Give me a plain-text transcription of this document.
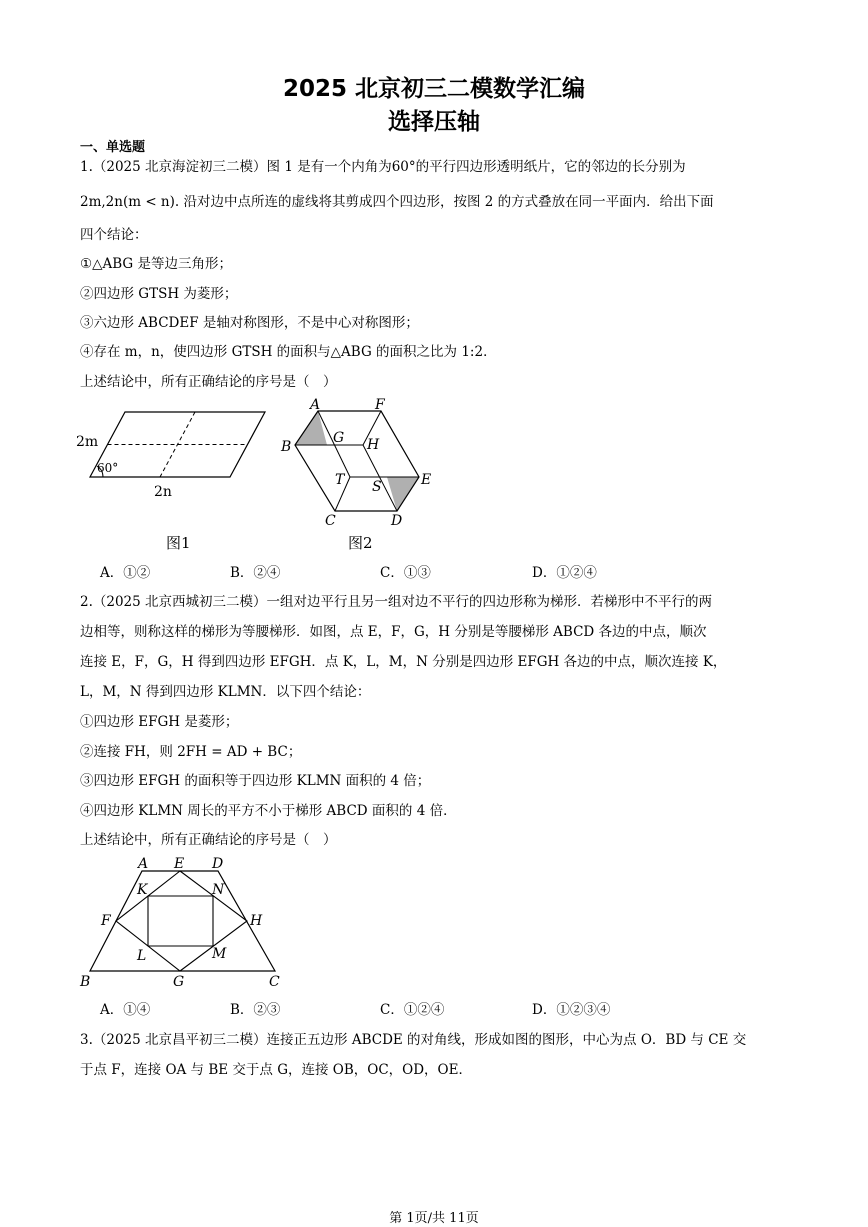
2025 北京初三二模数学汇编
选择压轴
一、单选题
1.（2025 北京海淀初三二模）图 1 是有一个内角为60°的平行四边形透明纸片，它的邻边的长分别为
2m,2n(m < n). 沿对边中点所连的虚线将其剪成四个四边形，按图 2 的方式叠放在同一平面内．给出下面
四个结论：
①△ABG 是等边三角形；
②四边形 GTSH 为菱形；
③六边形 ABCDEF 是轴对称图形，不是中心对称图形；
④存在 m，n，使四边形 GTSH 的面积与△ABG 的面积之比为 1:2．
上述结论中，所有正确结论的序号是（　）
2m
60°
2n
图1
A	F
B
G H
T S	E
C	D
图2
A．①②	B．②④	C．①③	D．①②④
2.（2025 北京西城初三二模）一组对边平行且另一组对边不平行的四边形称为梯形．若梯形中不平行的两
边相等，则称这样的梯形为等腰梯形．如图，点 E，F，G，H 分别是等腰梯形 ABCD 各边的中点，顺次
连接 E，F，G，H 得到四边形 EFGH．点 K，L，M，N 分别是四边形 EFGH 各边的中点，顺次连接 K，
L，M，N 得到四边形 KLMN．以下四个结论：
①四边形 EFGH 是菱形；
②连接 FH，则 2FH = AD + BC；
③四边形 EFGH 的面积等于四边形 KLMN 面积的 4 倍；
④四边形 KLMN 周长的平方不小于梯形 ABCD 面积的 4 倍．
上述结论中，所有正确结论的序号是（　）
A E D
K	N
F	H
L	M
B	G	C
A．①④	B．②③	C．①②④	D．①②③④
3.（2025 北京昌平初三二模）连接正五边形 ABCDE 的对角线，形成如图的图形，中心为点 O．BD 与 CE 交
于点 F，连接 OA 与 BE 交于点 G，连接 OB，OC，OD，OE．
第 1页/共 11页
